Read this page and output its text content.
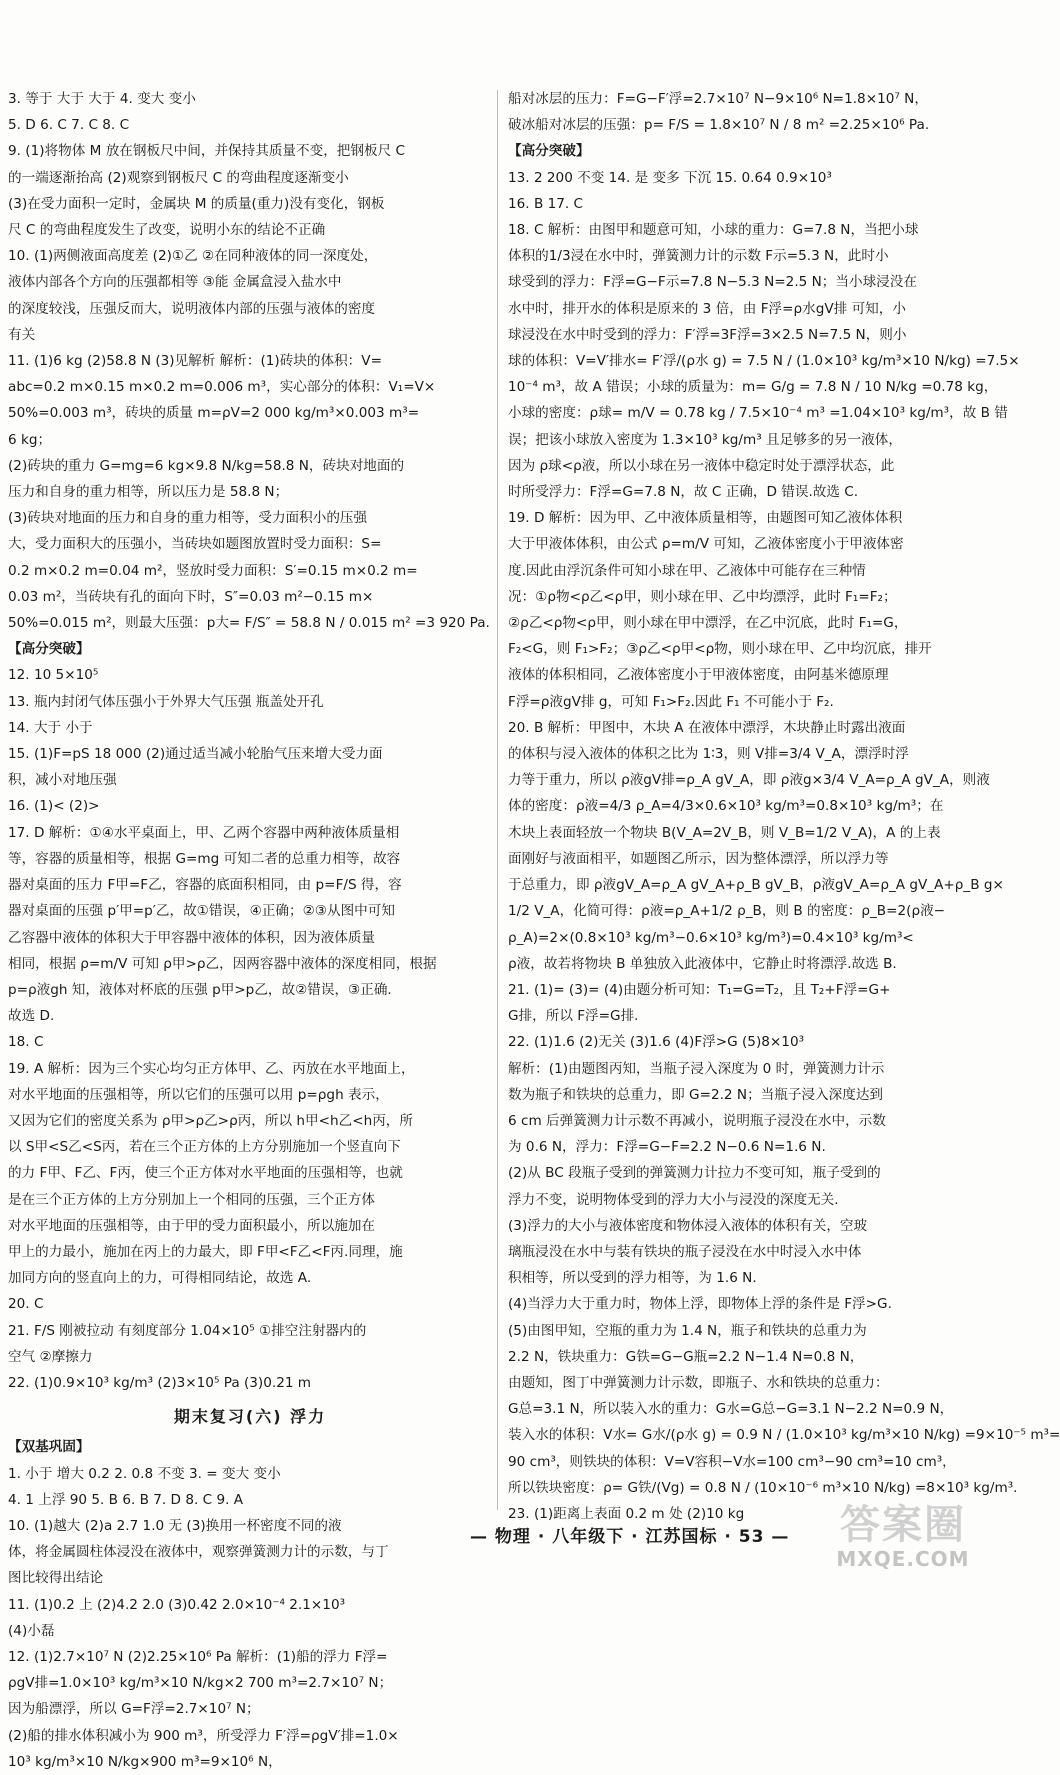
3. 等于 大于 大于 4. 变大 变小
5. D 6. C 7. C 8. C
9. (1)将物体 M 放在钢板尺中间，并保持其质量不变，把钢板尺 C
的一端逐渐抬高 (2)观察到钢板尺 C 的弯曲程度逐渐变小
(3)在受力面积一定时，金属块 M 的质量(重力)没有变化，钢板
尺 C 的弯曲程度发生了改变，说明小东的结论不正确
10. (1)两侧液面高度差 (2)①乙 ②在同种液体的同一深度处，
液体内部各个方向的压强都相等 ③能 金属盒浸入盐水中
的深度较浅，压强反而大，说明液体内部的压强与液体的密度
有关
11. (1)6 kg (2)58.8 N (3)见解析 解析：(1)砖块的体积：V=
abc=0.2 m×0.15 m×0.2 m=0.006 m³，实心部分的体积：V₁=V×
50%=0.003 m³，砖块的质量 m=ρV=2 000 kg/m³×0.003 m³=
6 kg；
(2)砖块的重力 G=mg=6 kg×9.8 N/kg=58.8 N，砖块对地面的
压力和自身的重力相等，所以压力是 58.8 N；
(3)砖块对地面的压力和自身的重力相等，受力面积小的压强
大，受力面积大的压强小，当砖块如题图放置时受力面积：S=
0.2 m×0.2 m=0.04 m²，竖放时受力面积：S′=0.15 m×0.2 m=
0.03 m²，当砖块有孔的面向下时，S″=0.03 m²−0.15 m×
50%=0.015 m²，则最大压强：p大= F/S″ = 58.8 N / 0.015 m² =3 920 Pa.
【高分突破】
12. 10 5×10⁵
13. 瓶内封闭气体压强小于外界大气压强 瓶盖处开孔
14. 大于 小于
15. (1)F=pS 18 000 (2)通过适当减小轮胎气压来增大受力面
积，减小对地压强
16. (1)< (2)>
17. D 解析：①④水平桌面上，甲、乙两个容器中两种液体质量相
等，容器的质量相等，根据 G=mg 可知二者的总重力相等，故容
器对桌面的压力 F甲=F乙，容器的底面积相同，由 p=F/S 得，容
器对桌面的压强 p′甲=p′乙，故①错误，④正确；②③从图中可知
乙容器中液体的体积大于甲容器中液体的体积，因为液体质量
相同，根据 ρ=m/V 可知 ρ甲>ρ乙，因两容器中液体的深度相同，根据
p=ρ液gh 知，液体对杯底的压强 p甲>p乙，故②错误，③正确.
故选 D.
18. C
19. A 解析：因为三个实心均匀正方体甲、乙、丙放在水平地面上，
对水平地面的压强相等，所以它们的压强可以用 p=ρgh 表示，
又因为它们的密度关系为 ρ甲>ρ乙>ρ丙，所以 h甲<h乙<h丙，所
以 S甲<S乙<S丙，若在三个正方体的上方分别施加一个竖直向下
的力 F甲、F乙、F丙，使三个正方体对水平地面的压强相等，也就
是在三个正方体的上方分别加上一个相同的压强，三个正方体
对水平地面的压强相等，由于甲的受力面积最小，所以施加在
甲上的力最小，施加在丙上的力最大，即 F甲<F乙<F丙.同理，施
加同方向的竖直向上的力，可得相同结论，故选 A.
20. C
21. F/S 刚被拉动 有刻度部分 1.04×10⁵ ①排空注射器内的
空气 ②摩擦力
22. (1)0.9×10³ kg/m³ (2)3×10⁵ Pa (3)0.21 m
期末复习(六) 浮力
【双基巩固】
1. 小于 增大 0.2 2. 0.8 不变 3. = 变大 变小
4. 1 上浮 90 5. B 6. B 7. D 8. C 9. A
10. (1)越大 (2)a 2.7 1.0 无 (3)换用一杯密度不同的液
体，将金属圆柱体浸没在液体中，观察弹簧测力计的示数，与丁
图比较得出结论
11. (1)0.2 上 (2)4.2 2.0 (3)0.42 2.0×10⁻⁴ 2.1×10³
(4)小磊
12. (1)2.7×10⁷ N (2)2.25×10⁶ Pa 解析：(1)船的浮力 F浮=
ρgV排=1.0×10³ kg/m³×10 N/kg×2 700 m³=2.7×10⁷ N；
因为船漂浮，所以 G=F浮=2.7×10⁷ N；
(2)船的排水体积减小为 900 m³，所受浮力 F′浮=ρgV′排=1.0×
10³ kg/m³×10 N/kg×900 m³=9×10⁶ N，
船对冰层的压力：F=G−F′浮=2.7×10⁷ N−9×10⁶ N=1.8×10⁷ N，
破冰船对冰层的压强：p= F/S = 1.8×10⁷ N / 8 m² =2.25×10⁶ Pa.
【高分突破】
13. 2 200 不变 14. 是 变多 下沉 15. 0.64 0.9×10³
16. B 17. C
18. C 解析：由图甲和题意可知，小球的重力：G=7.8 N，当把小球
体积的1/3浸在水中时，弹簧测力计的示数 F示=5.3 N，此时小
球受到的浮力：F浮=G−F示=7.8 N−5.3 N=2.5 N；当小球浸没在
水中时，排开水的体积是原来的 3 倍，由 F浮=ρ水gV排 可知，小
球浸没在水中时受到的浮力：F′浮=3F浮=3×2.5 N=7.5 N，则小
球的体积：V=V′排水= F′浮/(ρ水 g) = 7.5 N / (1.0×10³ kg/m³×10 N/kg) =7.5×
10⁻⁴ m³，故 A 错误；小球的质量为：m= G/g = 7.8 N / 10 N/kg =0.78 kg，
小球的密度：ρ球= m/V = 0.78 kg / 7.5×10⁻⁴ m³ =1.04×10³ kg/m³，故 B 错
误；把该小球放入密度为 1.3×10³ kg/m³ 且足够多的另一液体，
因为 ρ球<ρ液，所以小球在另一液体中稳定时处于漂浮状态，此
时所受浮力：F浮=G=7.8 N，故 C 正确，D 错误.故选 C.
19. D 解析：因为甲、乙中液体质量相等，由题图可知乙液体体积
大于甲液体体积，由公式 ρ=m/V 可知，乙液体密度小于甲液体密
度.因此由浮沉条件可知小球在甲、乙液体中可能存在三种情
况：①ρ物<ρ乙<ρ甲，则小球在甲、乙中均漂浮，此时 F₁=F₂；
②ρ乙<ρ物<ρ甲，则小球在甲中漂浮，在乙中沉底，此时 F₁=G，
F₂<G，则 F₁>F₂；③ρ乙<ρ甲<ρ物，则小球在甲、乙中均沉底，排开
液体的体积相同，乙液体密度小于甲液体密度，由阿基米德原理
F浮=ρ液gV排 g，可知 F₁>F₂.因此 F₁ 不可能小于 F₂.
20. B 解析：甲图中，木块 A 在液体中漂浮，木块静止时露出液面
的体积与浸入液体的体积之比为 1∶3，则 V排=3/4 V_A，漂浮时浮
力等于重力，所以 ρ液gV排=ρ_A gV_A，即 ρ液g×3/4 V_A=ρ_A gV_A，则液
体的密度：ρ液=4/3 ρ_A=4/3×0.6×10³ kg/m³=0.8×10³ kg/m³；在
木块上表面轻放一个物块 B(V_A=2V_B，则 V_B=1/2 V_A)，A 的上表
面刚好与液面相平，如题图乙所示，因为整体漂浮，所以浮力等
于总重力，即 ρ液gV_A=ρ_A gV_A+ρ_B gV_B，ρ液gV_A=ρ_A gV_A+ρ_B g×
1/2 V_A，化简可得：ρ液=ρ_A+1/2 ρ_B，则 B 的密度：ρ_B=2(ρ液−
ρ_A)=2×(0.8×10³ kg/m³−0.6×10³ kg/m³)=0.4×10³ kg/m³<
ρ液，故若将物块 B 单独放入此液体中，它静止时将漂浮.故选 B.
21. (1)= (3)= (4)由题分析可知：T₁=G=T₂，且 T₂+F浮=G+
G排，所以 F浮=G排.
22. (1)1.6 (2)无关 (3)1.6 (4)F浮>G (5)8×10³
解析：(1)由题图丙知，当瓶子浸入深度为 0 时，弹簧测力计示
数为瓶子和铁块的总重力，即 G=2.2 N；当瓶子浸入深度达到
6 cm 后弹簧测力计示数不再减小，说明瓶子浸没在水中，示数
为 0.6 N，浮力：F浮=G−F=2.2 N−0.6 N=1.6 N.
(2)从 BC 段瓶子受到的弹簧测力计拉力不变可知，瓶子受到的
浮力不变，说明物体受到的浮力大小与浸没的深度无关.
(3)浮力的大小与液体密度和物体浸入液体的体积有关，空玻
璃瓶浸没在水中与装有铁块的瓶子浸没在水中时浸入水中体
积相等，所以受到的浮力相等，为 1.6 N.
(4)当浮力大于重力时，物体上浮，即物体上浮的条件是 F浮>G.
(5)由图甲知，空瓶的重力为 1.4 N，瓶子和铁块的总重力为
2.2 N，铁块重力：G铁=G−G瓶=2.2 N−1.4 N=0.8 N，
由题知，图丁中弹簧测力计示数，即瓶子、水和铁块的总重力：
G总=3.1 N，所以装入水的重力：G水=G总−G=3.1 N−2.2 N=0.9 N，
装入水的体积：V水= G水/(ρ水 g) = 0.9 N / (1.0×10³ kg/m³×10 N/kg) =9×10⁻⁵ m³=
90 cm³，则铁块的体积：V=V容积−V水=100 cm³−90 cm³=10 cm³，
所以铁块密度：ρ= G铁/(Vg) = 0.8 N / (10×10⁻⁶ m³×10 N/kg) =8×10³ kg/m³.
23. (1)距离上表面 0.2 m 处 (2)10 kg
— 物理 · 八年级下 · 江苏国标 · 53 —	答案圈
MXQE.COM
